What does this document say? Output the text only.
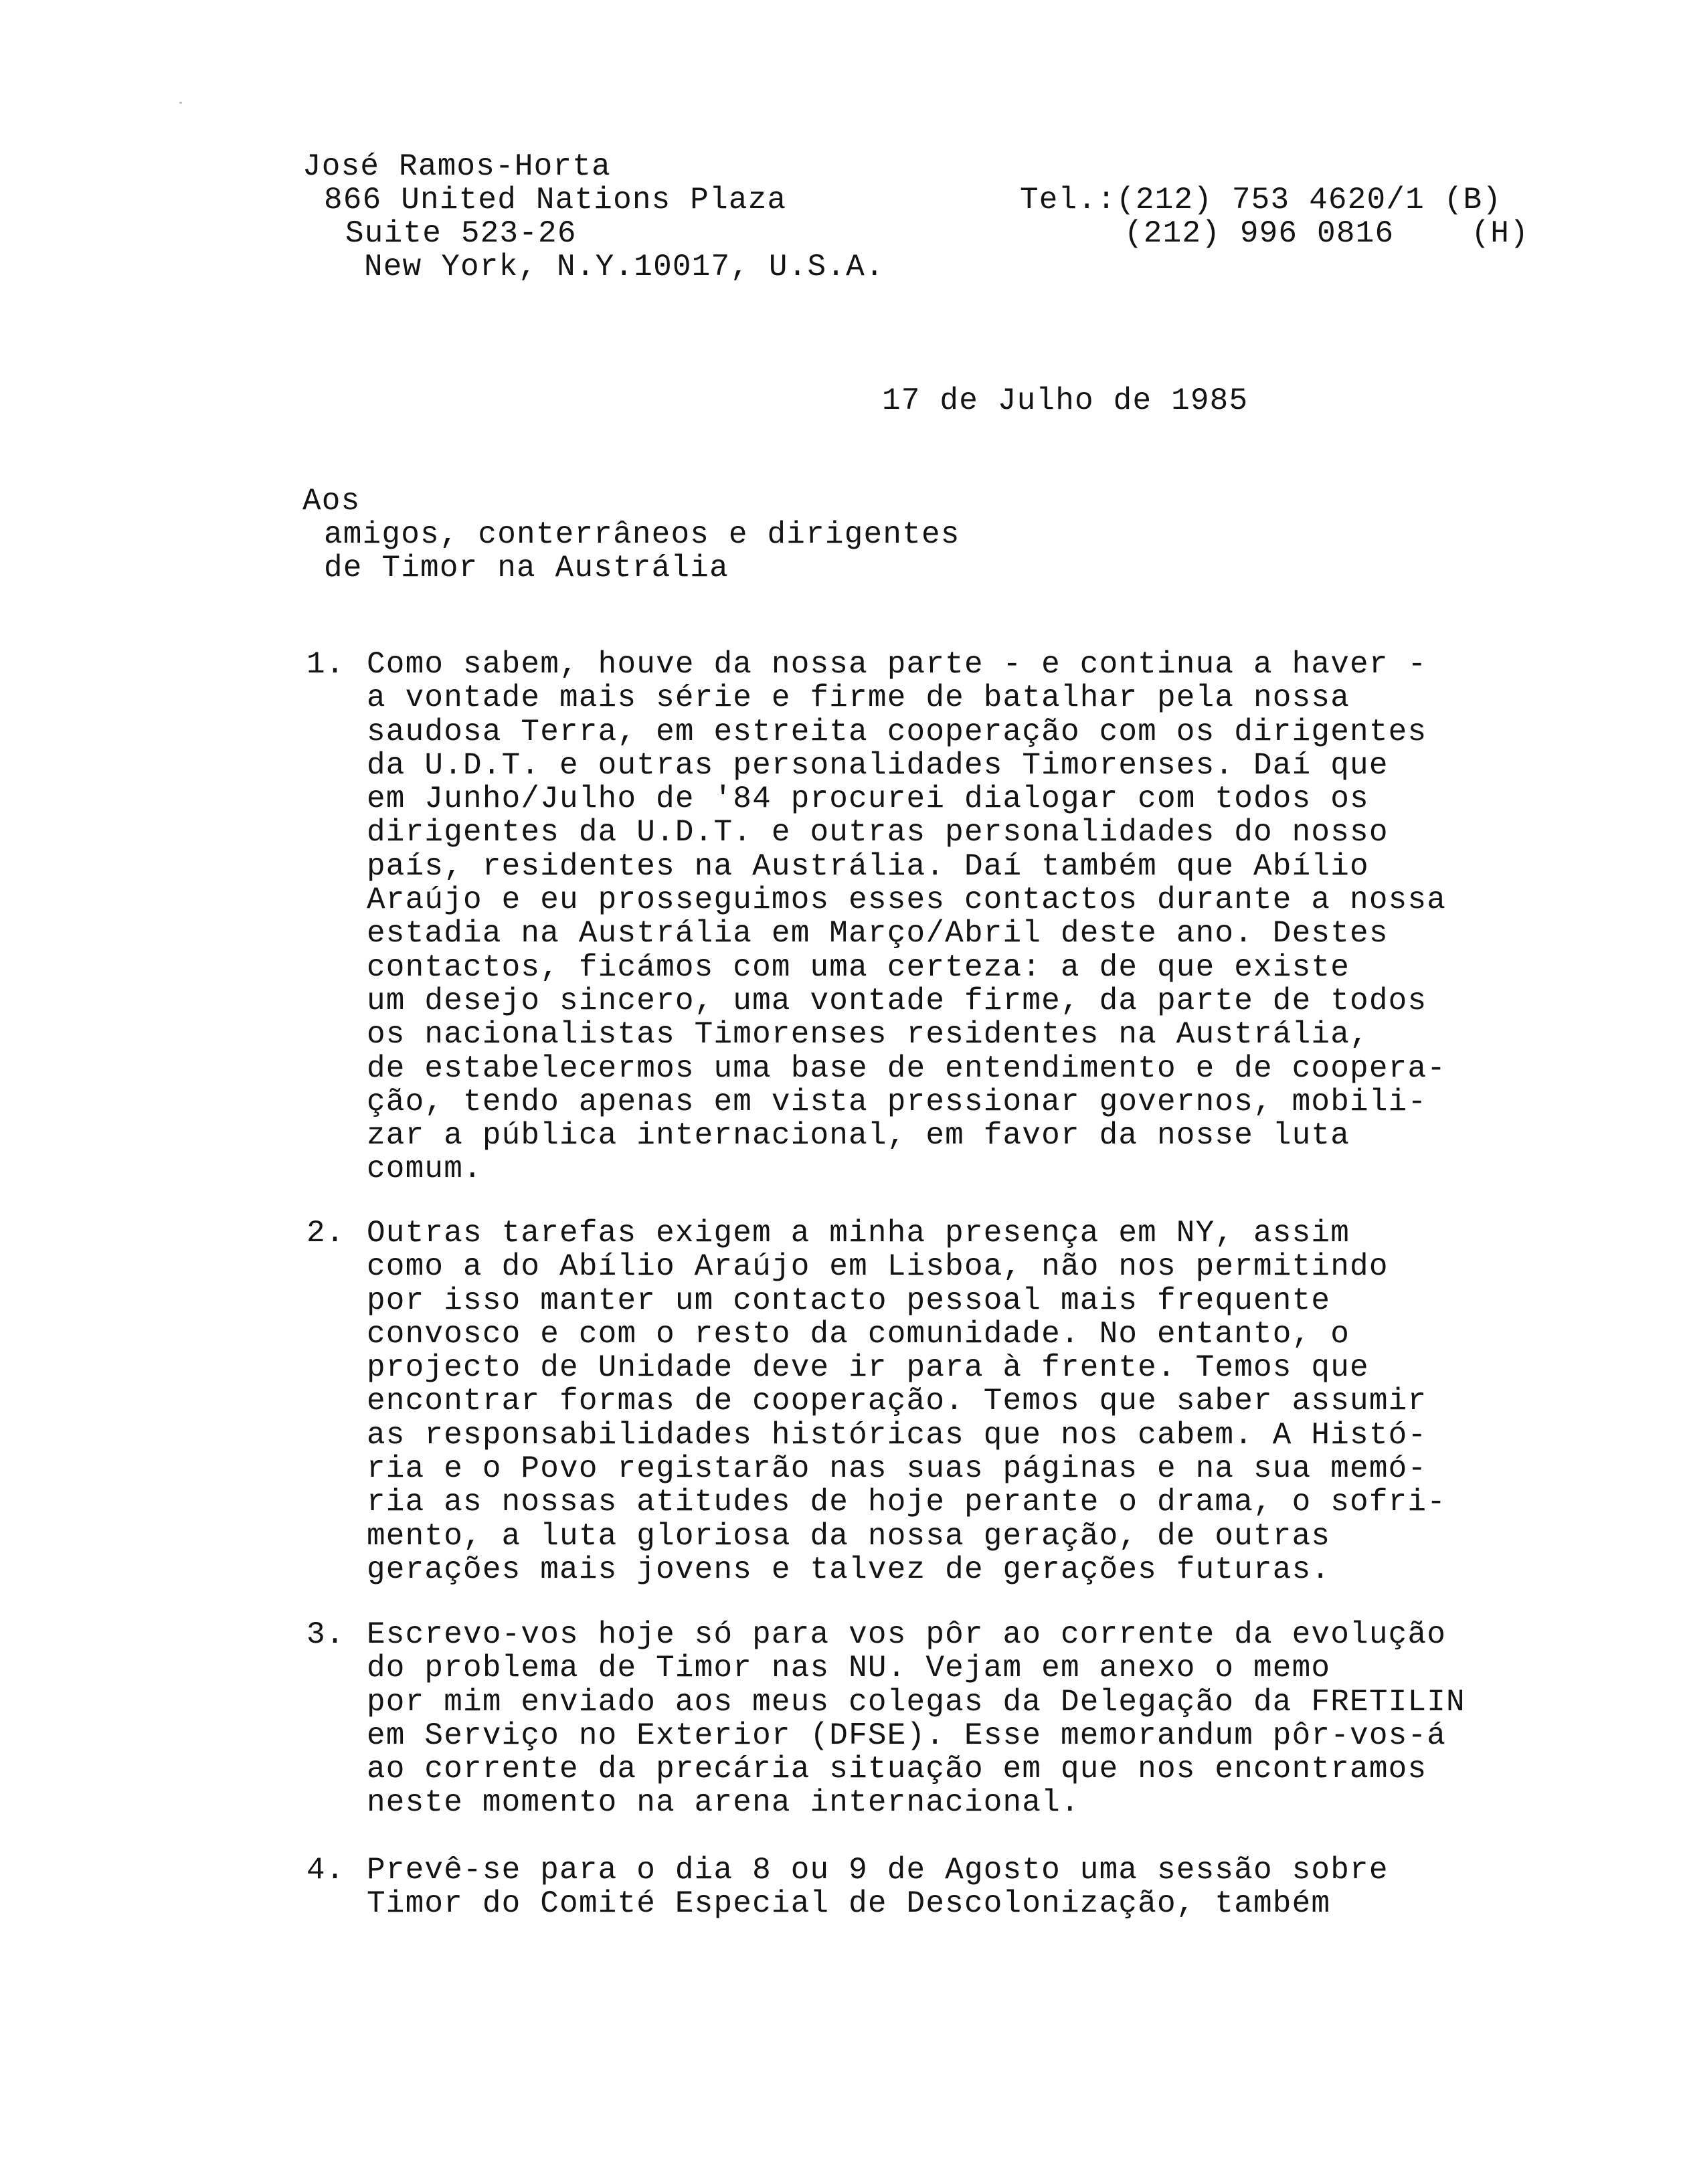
José Ramos-Horta
866 United Nations Plaza
Suite 523-26
New York, N.Y.10017, U.S.A.
Tel.:(212) 753 4620/1 (B)
(212) 996 0816    (H)
17 de Julho de 1985
Aos
amigos, conterrâneos e dirigentes
de Timor na Austrália
1. Como sabem, houve da nossa parte - e continua a haver -
a vontade mais série e firme de batalhar pela nossa
saudosa Terra, em estreita cooperação com os dirigentes
da U.D.T. e outras personalidades Timorenses. Daí que
em Junho/Julho de '84 procurei dialogar com todos os
dirigentes da U.D.T. e outras personalidades do nosso
país, residentes na Austrália. Daí também que Abílio
Araújo e eu prosseguimos esses contactos durante a nossa
estadia na Austrália em Março/Abril deste ano. Destes
contactos, ficámos com uma certeza: a de que existe
um desejo sincero, uma vontade firme, da parte de todos
os nacionalistas Timorenses residentes na Austrália,
de estabelecermos uma base de entendimento e de coopera-
ção, tendo apenas em vista pressionar governos, mobili-
zar a pública internacional, em favor da nosse luta
comum.
2. Outras tarefas exigem a minha presença em NY, assim
como a do Abílio Araújo em Lisboa, não nos permitindo
por isso manter um contacto pessoal mais frequente
convosco e com o resto da comunidade. No entanto, o
projecto de Unidade deve ir para à frente. Temos que
encontrar formas de cooperação. Temos que saber assumir
as responsabilidades históricas que nos cabem. A Histó-
ria e o Povo registarão nas suas páginas e na sua memó-
ria as nossas atitudes de hoje perante o drama, o sofri-
mento, a luta gloriosa da nossa geração, de outras
gerações mais jovens e talvez de gerações futuras.
3. Escrevo-vos hoje só para vos pôr ao corrente da evolução
do problema de Timor nas NU. Vejam em anexo o memo
por mim enviado aos meus colegas da Delegação da FRETILIN
em Serviço no Exterior (DFSE). Esse memorandum pôr-vos-á
ao corrente da precária situação em que nos encontramos
neste momento na arena internacional.
4. Prevê-se para o dia 8 ou 9 de Agosto uma sessão sobre
Timor do Comité Especial de Descolonização, também
